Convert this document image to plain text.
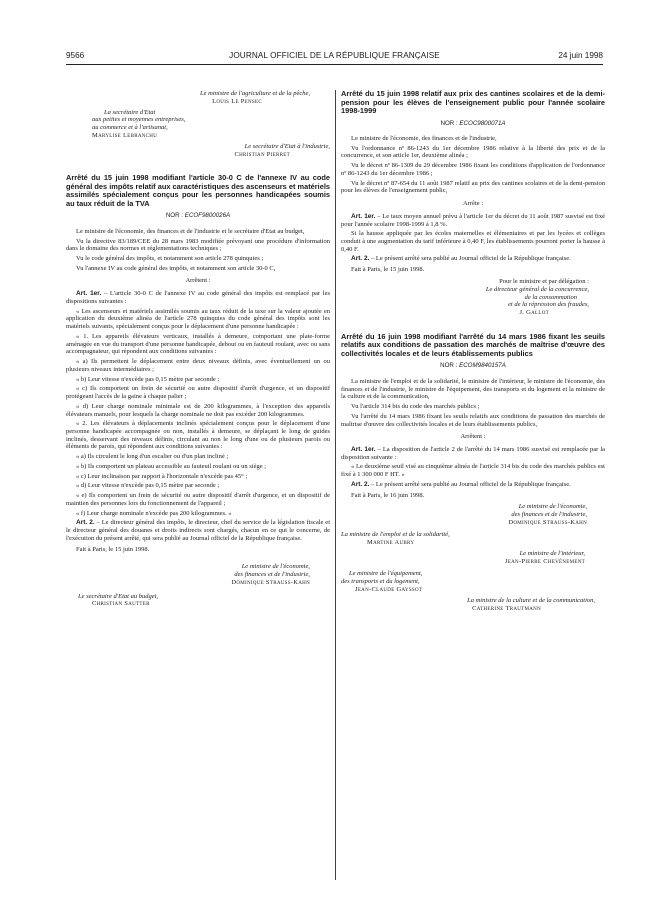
9566	JOURNAL OFFICIEL DE LA RÉPUBLIQUE FRANÇAISE	24 juin 1998
Le ministre de l'agriculture et de la pêche,
Louis Le Pensec
La secrétaire d'Etat
aux petites et moyennes entreprises,
au commerce et à l'artisanat,
Marylise Lebranchu
Le secrétaire d'Etat à l'industrie,
Christian Pierret
Arrêté du 15 juin 1998 modifiant l'article 30-0 C de l'annexe IV au code général des impôts relatif aux caractéristiques des ascenseurs et matériels assimilés spécialement conçus pour les personnes handicapées soumis au taux réduit de la TVA
NOR : ECOF9800026A

Le ministre de l'économie, des finances et de l'industrie et le secrétaire d'Etat au budget,

Vu la directive 83/189/CEE du 28 mars 1983 modifiée prévoyant une procédure d'information dans le domaine des normes et réglementations techniques ;

Vu le code général des impôts, et notamment son article 278 quinquies ;

Vu l'annexe IV au code général des impôts, et notamment son article 30-0 C,

Arrêtent :

Art. 1er. – L'article 30-0 C de l'annexe IV au code général des impôts est remplacé par les dispositions suivantes :

« Les ascenseurs et matériels assimilés soumis au taux réduit de la taxe sur la valeur ajoutée en application du deuxième alinéa de l'article 278 quinquies du code général des impôts sont les matériels suivants, spécialement conçus pour le déplacement d'une personne handicapée :

« 1. Les appareils élévateurs verticaux, installés à demeure, comportant une plate-forme aménagée en vue du transport d'une personne handicapée, debout ou en fauteuil roulant, avec ou sans accompagnateur, qui répondent aux conditions suivantes :

« a) Ils permettent le déplacement entre deux niveaux définis, avec éventuellement un ou plusieurs niveaux intermédiaires ;

« b) Leur vitesse n'excède pas 0,15 mètre par seconde ;

« c) Ils comportent un frein de sécurité ou autre dispositif d'arrêt d'urgence, et un dispositif protégeant l'accès de la gaine à chaque palier ;

« d) Leur charge nominale minimale est de 200 kilogrammes, à l'exception des appareils élévateurs manuels, pour lesquels la charge nominale ne doit pas excéder 200 kilogrammes.

« 2. Les élévateurs à déplacements inclinés spécialement conçus pour le déplacement d'une personne handicapée accompagnée ou non, installés à demeure, se déplaçant le long de guides inclinés, desservant des niveaux définis, circulant au non le long d'une ou de plusieurs parois ou éléments de parois, qui répondent aux conditions suivantes :

« a) Ils circulent le long d'un escalier ou d'un plan incliné ;

« b) Ils comportent un plateau accessible au fauteuil roulant ou un siège ;

« c) Leur inclinaison par rapport à l'horizontale n'excède pas 45° ;

« d) Leur vitesse n'excède pas 0,15 mètre par seconde ;

« e) Ils comportent un frein de sécurité ou autre dispositif d'arrêt d'urgence, et un dispositif de maintien des personnes lors du fonctionnement de l'appareil ;

« f) Leur charge nominale n'excède pas 200 kilogrammes. »

Art. 2. – Le directeur général des impôts, le directeur, chef du service de la législation fiscale et le directeur général des douanes et droits indirects sont chargés, chacun en ce qui le concerne, de l'exécution du présent arrêté, qui sera publié au Journal officiel de la République française.

Fait à Paris, le 15 juin 1998.

Le ministre de l'économie,
des finances et de l'industrie,
Dominique Strauss-Kahn
Le secrétaire d'Etat au budget,
Christian Sautter
Arrêté du 15 juin 1998 relatif aux prix des cantines scolaires et de la demi-pension pour les élèves de l'enseignement public pour l'année scolaire 1998-1999
NOR : ECOC9800071A

Le ministre de l'économie, des finances et de l'industrie,

Vu l'ordonnance nº 86-1243 du 1er décembre 1986 relative à la liberté des prix et de la concurrence, et son article 1er, deuxième alinéa ;

Vu le décret nº 86-1309 du 29 décembre 1986 fixant les conditions d'application de l'ordonnance nº 86-1243 du 1er décembre 1986 ;

Vu le décret nº 87-654 du 11 août 1987 relatif au prix des cantines scolaires et de la demi-pension pour les élèves de l'enseignement public,

Arrête :

Art. 1er. – Le taux moyen annuel prévu à l'article 1er du décret du 11 août 1987 susvisé est fixé pour l'année scolaire 1998-1999 à 1,8 %.

Si la hausse appliquée par les écoles maternelles et élémentaires et par les lycées et collèges conduit à une augmentation du tarif inférieure à 0,40 F, les établissements pourront porter la hausse à 0,40 F.

Art. 2. – Le présent arrêté sera publié au Journal officiel de la République française.

Fait à Paris, le 15 juin 1998.

Pour le ministre et par délégation :
Le directeur général de la concurrence,
de la consommation
et de la répression des fraudes,
J. Gallot
Arrêté du 16 juin 1998 modifiant l'arrêté du 14 mars 1986 fixant les seuils relatifs aux conditions de passation des marchés de maîtrise d'œuvre des collectivités locales et de leurs établissements publics
NOR : ECOM9840157A

La ministre de l'emploi et de la solidarité, le ministre de l'intérieur, le ministre de l'économie, des finances et de l'industrie, le ministre de l'équipement, des transports et du logement et la ministre de la culture et de la communication,

Vu l'article 314 bis du code des marchés publics ;

Vu l'arrêté du 14 mars 1986 fixant les seuils relatifs aux conditions de passation des marchés de maîtrise d'œuvre des collectivités locales et de leurs établissements publics,

Arrêtent :

Art. 1er. – La disposition de l'article 2 de l'arrêté du 14 mars 1986 susvisé est remplacée par la disposition suivante :

« Le deuxième seuil visé au cinquième alinéa de l'article 314 bis du code des marchés publics est fixé à 1 300 000 F HT. »

Art. 2. – Le présent arrêté sera publié au Journal officiel de la République française.

Fait à Paris, le 16 juin 1998.

Le ministre de l'économie,
des finances et de l'industrie,
Dominique Strauss-Kahn
La ministre de l'emploi et de la solidarité,
Martine Aubry
Le ministre de l'intérieur,
Jean-Pierre Chevènement
Le ministre de l'équipement,
des transports et du logement,
Jean-Claude Gayssot
La ministre de la culture et de la communication,
Catherine Trautmann
